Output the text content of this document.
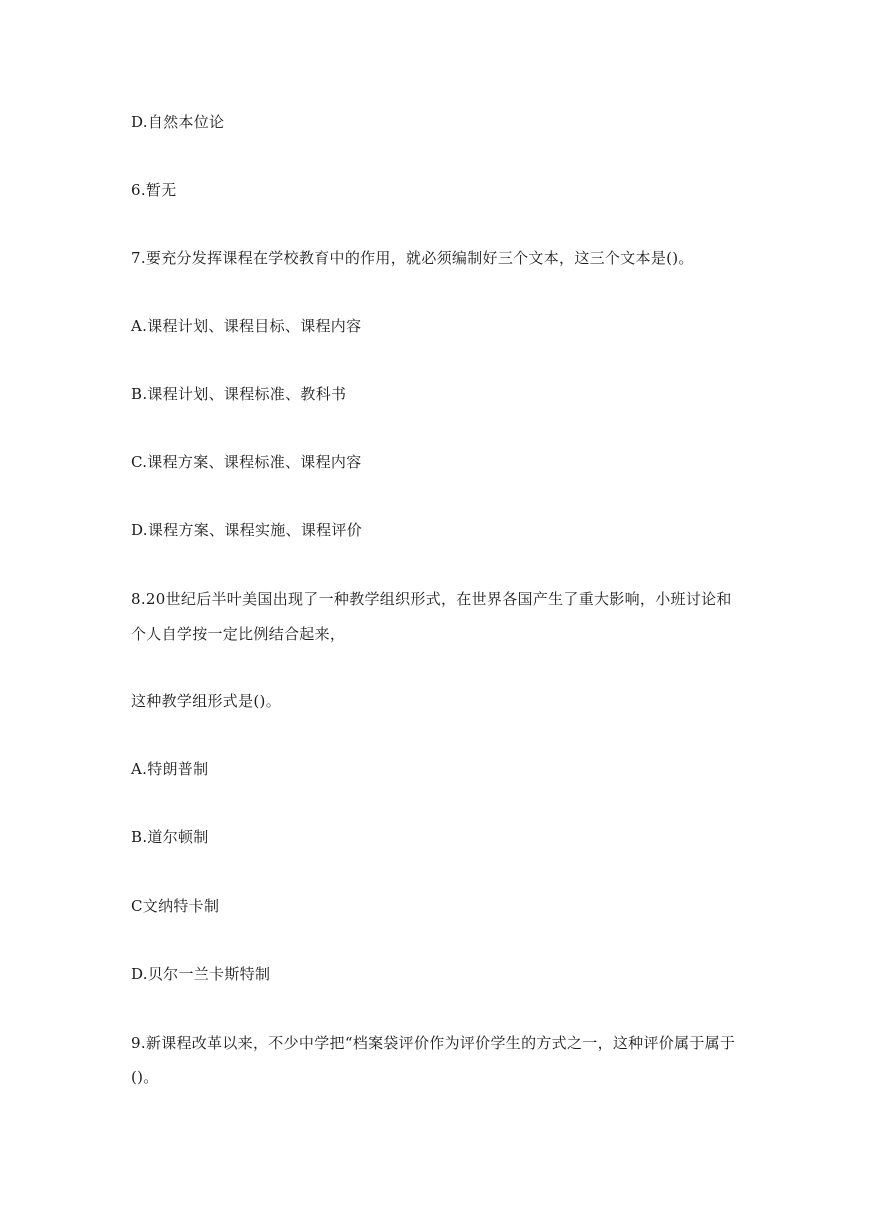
D.自然本位论
6.暂无
7.要充分发挥课程在学校教育中的作用，就必须编制好三个文本，这三个文本是()。
A.课程计划、课程目标、课程内容
B.课程计划、课程标准、教科书
C.课程方案、课程标准、课程内容
D.课程方案、课程实施、课程评价
8.20世纪后半叶美国出现了一种教学组织形式，在世界各国产生了重大影响，小班讨论和
个人自学按一定比例结合起来，
这种教学组形式是()。
A.特朗普制
B.道尔顿制
C文纳特卡制
D.贝尔一兰卡斯特制
9.新课程改革以来，不少中学把“档案袋评价作为评价学生的方式之一，这种评价属于属于
()。
